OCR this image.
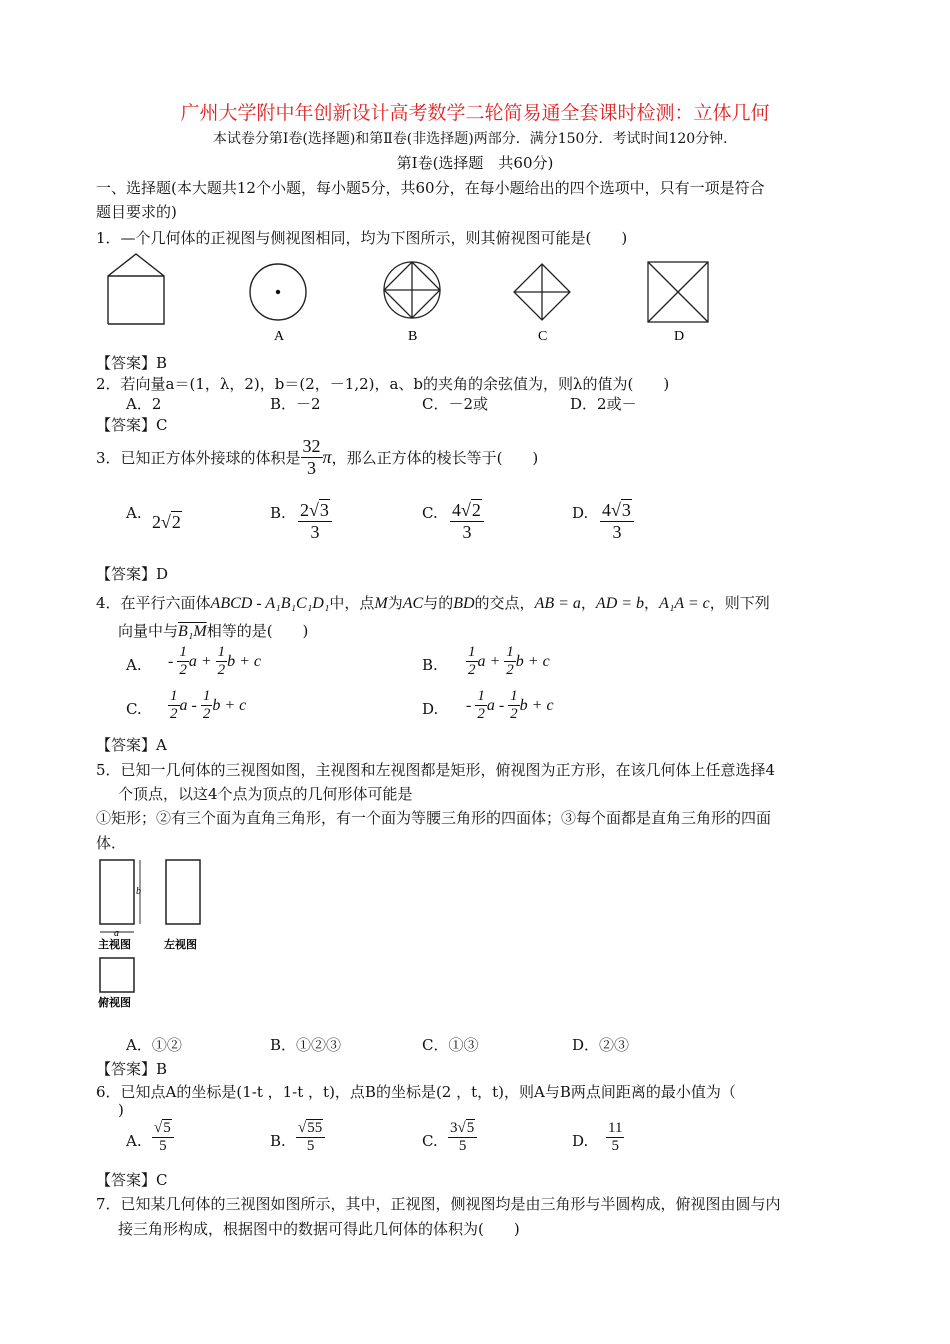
广州大学附中年创新设计高考数学二轮简易通全套课时检测：立体几何
本试卷分第Ⅰ卷(选择题)和第Ⅱ卷(非选择题)两部分．满分150分．考试时间120分钟．
第Ⅰ卷(选择题　共60分)
一、选择题(本大题共12个小题，每小题5分，共60分，在每小题给出的四个选项中，只有一项是符合
题目要求的)
1．—个几何体的正视图与侧视图相同，均为下图所示，则其俯视图可能是(　　)
A	B	C	D
【答案】B
2．若向量a＝(1，λ，2)，b＝(2，－1,2)，a、b的夹角的余弦值为，则λ的值为(　　)
A．2	B．－2	C．－2或	D．2或－
【答案】C
3．已知正方体外接球的体积是 $\frac{32}{3}$ π ，那么正方体的棱长等于(　　)
A. 2√2	B. $\frac{2√3}{3}$	C. $\frac{4√2}{3}$	D. $\frac{4√3}{3}$
【答案】D
4．在平行六面体ABCD - A₁B₁C₁D₁中，点M为AC与的BD的交点，AB = a，AD = b，A₁A = c，则下列
向量中与B₁M相等的是(　　)
A. -
$\frac{1}{2}$ a +
$\frac{1}{2}$ b + c	B. $\frac{1}{2}$ a +
$\frac{1}{2}$ b + c
C. $\frac{1}{2}$ a -
$\frac{1}{2}$ b + c	D. -
$\frac{1}{2}$ a -
$\frac{1}{2}$ b + c
【答案】A
5．已知一几何体的三视图如图，主视图和左视图都是矩形，俯视图为正方形，在该几何体上任意选择4
个顶点，以这4个点为顶点的几何形体可能是
①矩形；②有三个面为直角三角形，有一个面为等腰三角形的四面体；③每个面都是直角三角形的四面
体．
b
a
主视图	左视图
俯视图
A．①②	B．①②③	C．①③	D．②③
【答案】B
6．已知点A的坐标是(1-t ，1-t ，t)，点B的坐标是(2 ，t，t)，则A与B两点间距离的最小值为（
)
A. $\frac{√5}{5}$	B. $\frac{√55}{5}$	C. $\frac{3√5}{5}$	D. $\frac{11}{5}$
【答案】C
7．已知某几何体的三视图如图所示，其中，正视图，侧视图均是由三角形与半圆构成，俯视图由圆与内
接三角形构成，根据图中的数据可得此几何体的体积为(　　)
